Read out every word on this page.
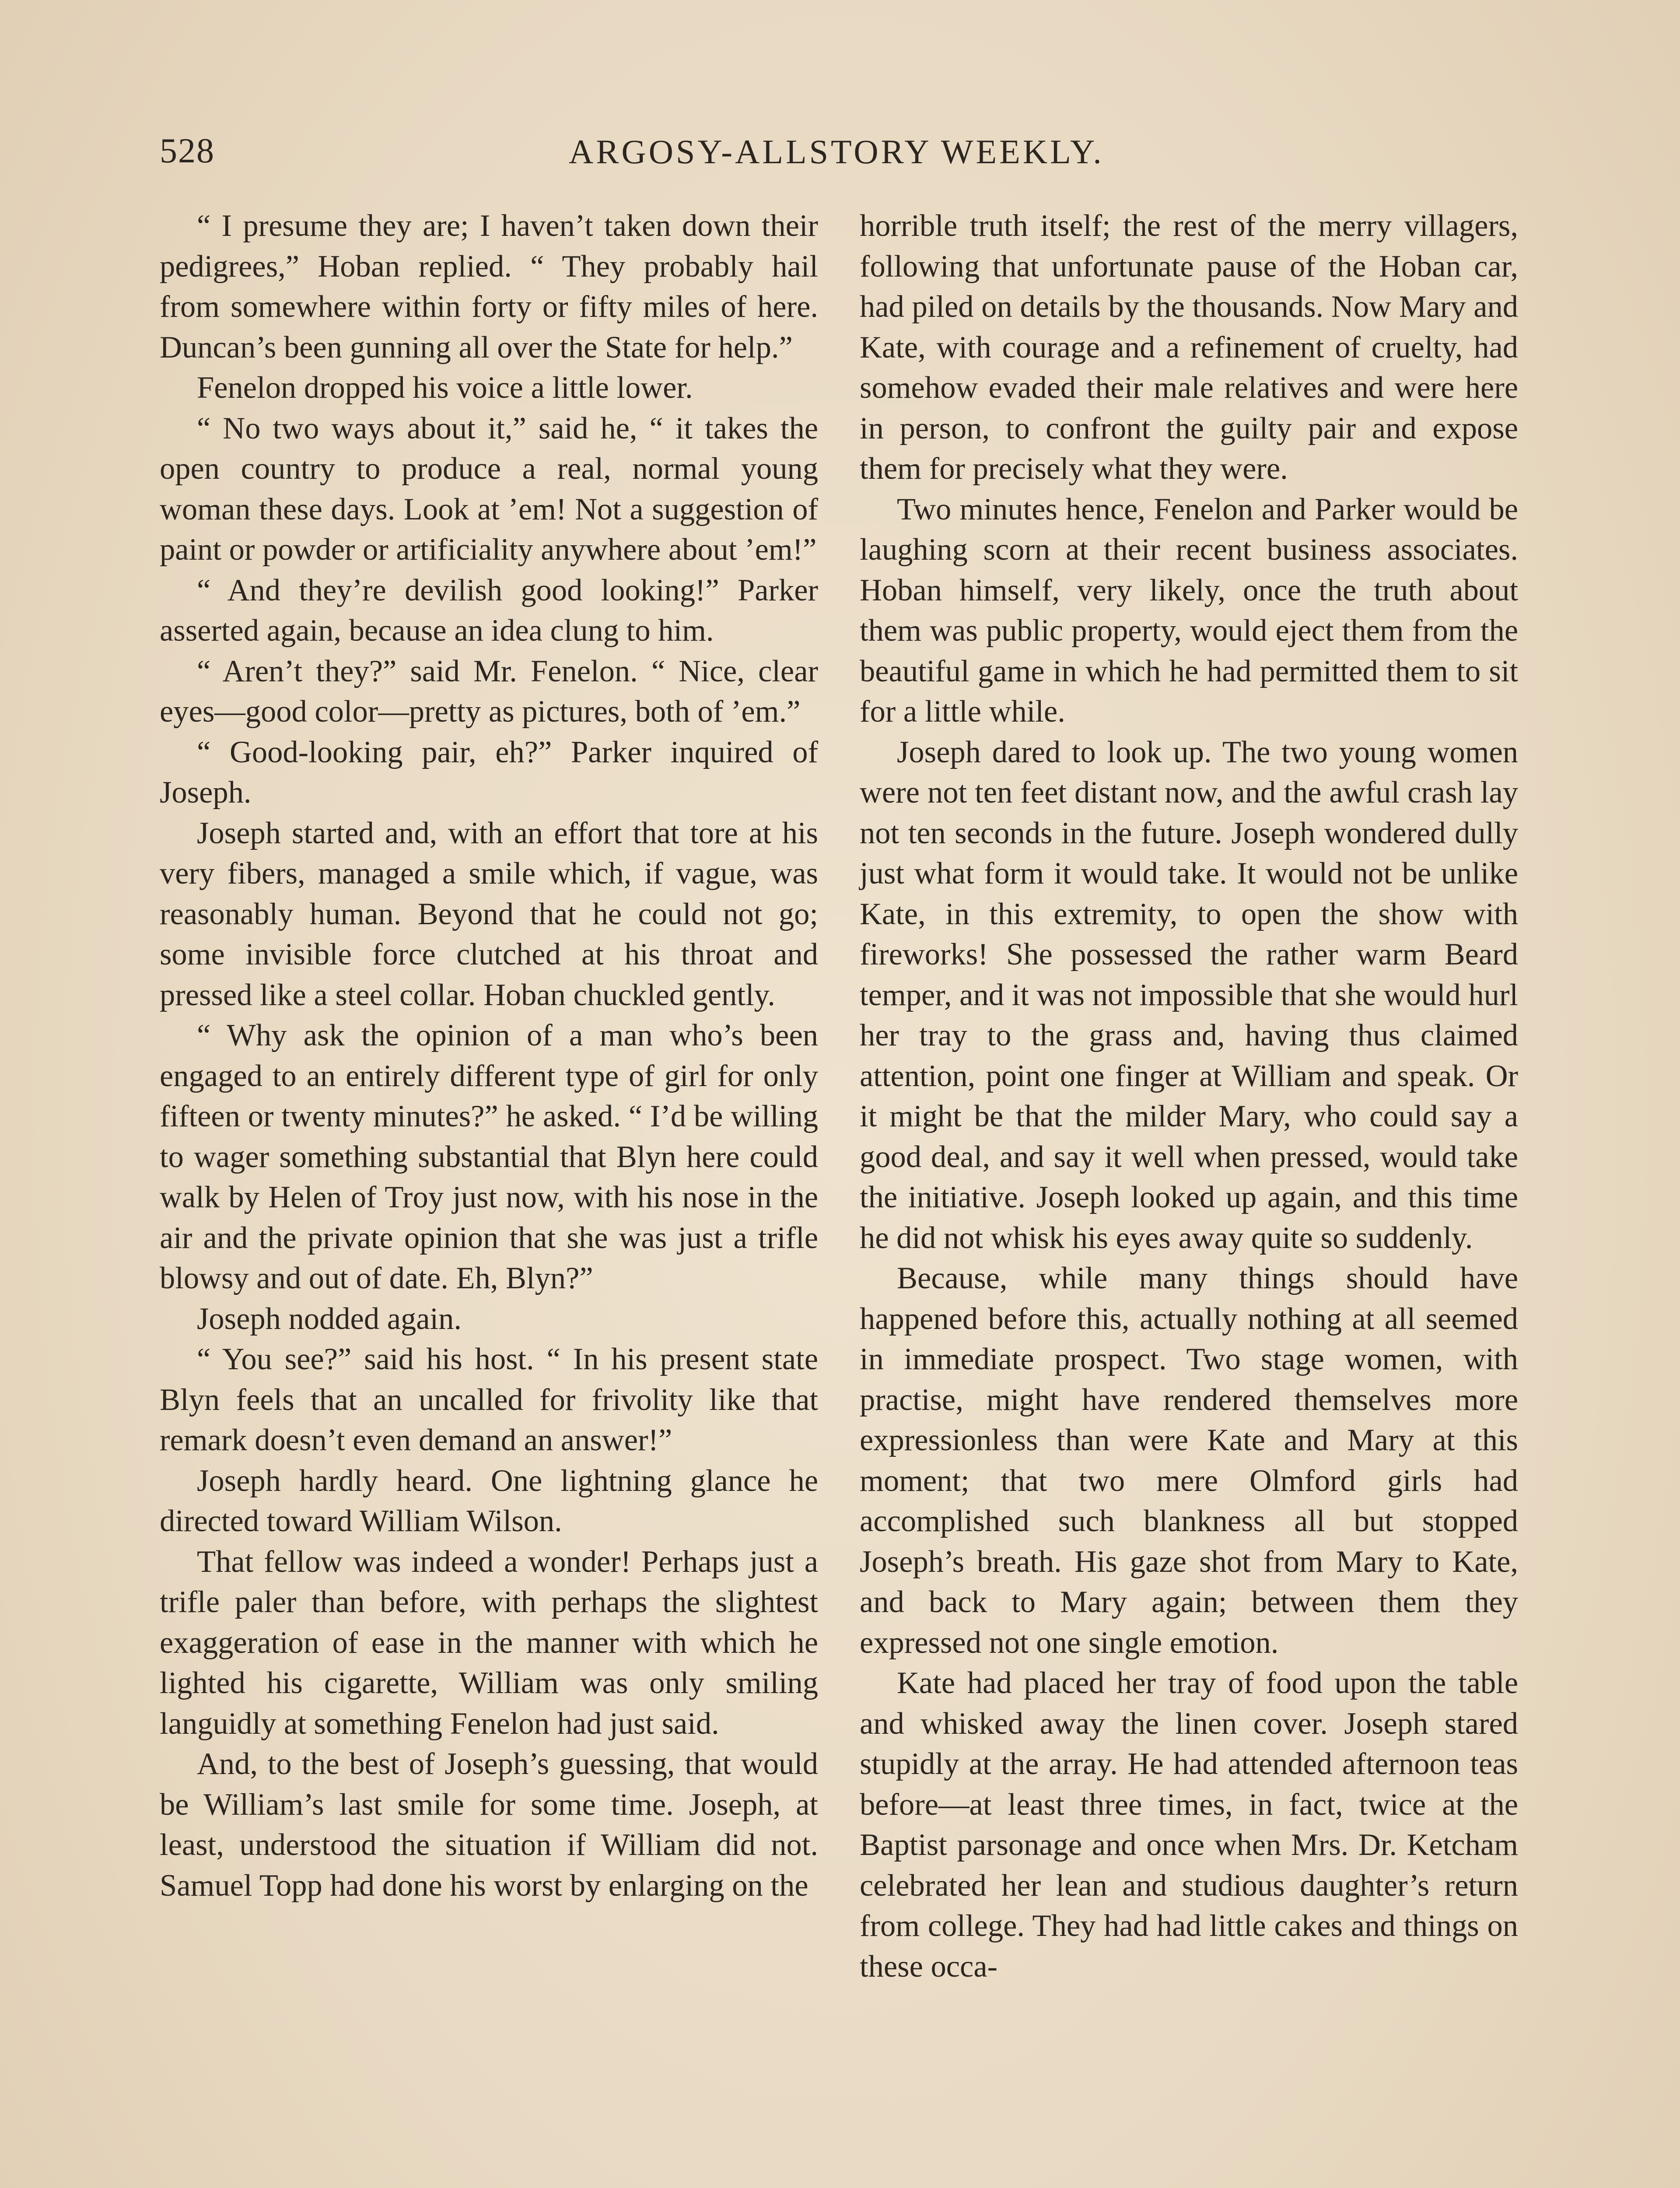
528	ARGOSY-ALLSTORY WEEKLY.

“ I presume they are; I haven’t taken down their pedigrees,” Hoban replied. “ They probably hail from somewhere within forty or fifty miles of here. Duncan’s been gunning all over the State for help.”

Fenelon dropped his voice a little lower.

“ No two ways about it,” said he, “ it takes the open country to produce a real, normal young woman these days. Look at ’em! Not a suggestion of paint or powder or artificiality anywhere about ’em!”

“ And they’re devilish good looking!” Parker asserted again, because an idea clung to him.

“ Aren’t they?” said Mr. Fenelon. “ Nice, clear eyes—good color—pretty as pictures, both of ’em.”

“ Good-looking pair, eh?” Parker inquired of Joseph.

Joseph started and, with an effort that tore at his very fibers, managed a smile which, if vague, was reasonably human. Beyond that he could not go; some invisible force clutched at his throat and pressed like a steel collar. Hoban chuckled gently.

“ Why ask the opinion of a man who’s been engaged to an entirely different type of girl for only fifteen or twenty minutes?” he asked. “ I’d be willing to wager something substantial that Blyn here could walk by Helen of Troy just now, with his nose in the air and the private opinion that she was just a trifle blowsy and out of date. Eh, Blyn?”

Joseph nodded again.

“ You see?” said his host. “ In his present state Blyn feels that an uncalled for frivolity like that remark doesn’t even demand an answer!”

Joseph hardly heard. One lightning glance he directed toward William Wilson.

That fellow was indeed a wonder! Perhaps just a trifle paler than before, with perhaps the slightest exaggeration of ease in the manner with which he lighted his cigarette, William was only smiling languidly at something Fenelon had just said.

And, to the best of Joseph’s guessing, that would be William’s last smile for some time. Joseph, at least, understood the situation if William did not. Samuel Topp had done his worst by enlarging on the

horrible truth itself; the rest of the merry villagers, following that unfortunate pause of the Hoban car, had piled on details by the thousands. Now Mary and Kate, with courage and a refinement of cruelty, had somehow evaded their male relatives and were here in person, to confront the guilty pair and expose them for precisely what they were.

Two minutes hence, Fenelon and Parker would be laughing scorn at their recent business associates. Hoban himself, very likely, once the truth about them was public property, would eject them from the beautiful game in which he had permitted them to sit for a little while.

Joseph dared to look up. The two young women were not ten feet distant now, and the awful crash lay not ten seconds in the future. Joseph wondered dully just what form it would take. It would not be unlike Kate, in this extremity, to open the show with fireworks! She possessed the rather warm Beard temper, and it was not impossible that she would hurl her tray to the grass and, having thus claimed attention, point one finger at William and speak. Or it might be that the milder Mary, who could say a good deal, and say it well when pressed, would take the initiative. Joseph looked up again, and this time he did not whisk his eyes away quite so suddenly.

Because, while many things should have happened before this, actually nothing at all seemed in immediate prospect. Two stage women, with practise, might have rendered themselves more expressionless than were Kate and Mary at this moment; that two mere Olmford girls had accomplished such blankness all but stopped Joseph’s breath. His gaze shot from Mary to Kate, and back to Mary again; between them they expressed not one single emotion.

Kate had placed her tray of food upon the table and whisked away the linen cover. Joseph stared stupidly at the array. He had attended afternoon teas before—at least three times, in fact, twice at the Baptist parsonage and once when Mrs. Dr. Ketcham celebrated her lean and studious daughter’s return from college. They had had little cakes and things on these occa-
